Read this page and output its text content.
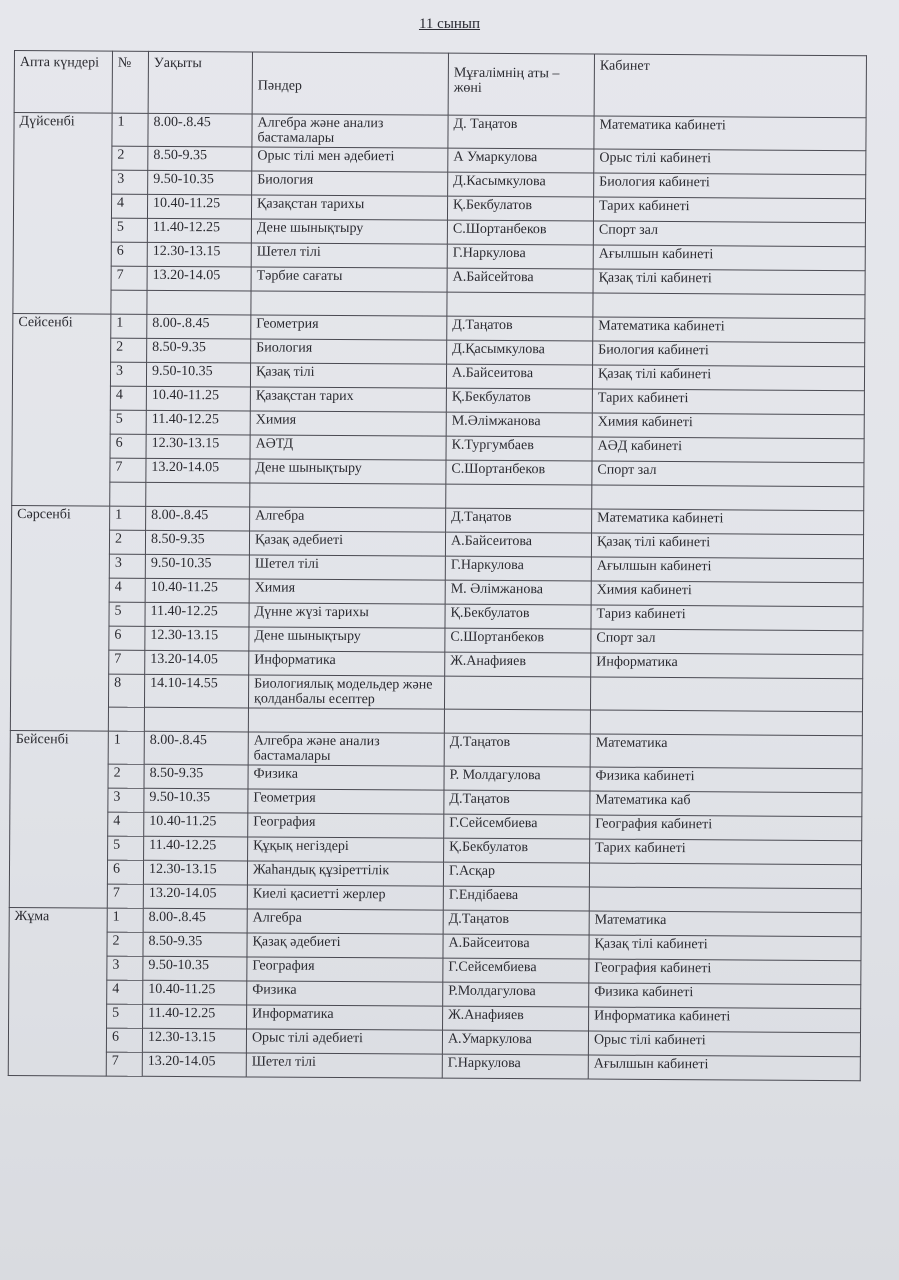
11 сынып
Апта күндері	№	Уақыты	Пәндер	Мұғалімнің аты – жөні	Кабинет
Дүйсенбі	1	8.00-.8.45	Алгебра және анализ бастамалары	Д. Таңатов	Математика кабинеті
	2	8.50-9.35	Орыс тілі мен әдебиеті	А Умаркулова	Орыс тілі кабинеті
	3	9.50-10.35	Биология	Д.Касымкулова	Биология кабинеті
	4	10.40-11.25	Қазақстан тарихы	Қ.Бекбулатов	Тарих кабинеті
	5	11.40-12.25	Дене шынықтыру	С.Шортанбеков	Спорт зал
	6	12.30-13.15	Шетел тілі	Г.Наркулова	Ағылшын кабинеті
	7	13.20-14.05	Тәрбие сағаты	А.Байсейтова	Қазақ тілі кабинеті

Сейсенбі	1	8.00-.8.45	Геометрия	Д.Таңатов	Математика кабинеті
	2	8.50-9.35	Биология	Д.Қасымкулова	Биология кабинеті
	3	9.50-10.35	Қазақ тілі	А.Байсеитова	Қазақ тілі кабинеті
	4	10.40-11.25	Қазақстан тарих	Қ.Бекбулатов	Тарих кабинеті
	5	11.40-12.25	Химия	М.Әлімжанова	Химия кабинеті
	6	12.30-13.15	АӘТД	К.Тургумбаев	АӘД кабинеті
	7	13.20-14.05	Дене шынықтыру	С.Шортанбеков	Спорт зал

Сәрсенбі	1	8.00-.8.45	Алгебра	Д.Таңатов	Математика кабинеті
	2	8.50-9.35	Қазақ әдебиеті	А.Байсеитова	Қазақ тілі кабинеті
	3	9.50-10.35	Шетел тілі	Г.Наркулова	Ағылшын кабинеті
	4	10.40-11.25	Химия	М. Әлімжанова	Химия кабинеті
	5	11.40-12.25	Дүнне жүзі тарихы	Қ.Бекбулатов	Тариз кабинеті
	6	12.30-13.15	Дене шынықтыру	С.Шортанбеков	Спорт зал
	7	13.20-14.05	Информатика	Ж.Анафияев	Информатика
	8	14.10-14.55	Биологиялық модельдер және қолданбалы есептер		

Бейсенбі	1	8.00-.8.45	Алгебра және анализ бастамалары	Д.Таңатов	Математика
	2	8.50-9.35	Физика	Р. Молдагулова	Физика кабинеті
	3	9.50-10.35	Геометрия	Д.Таңатов	Математика каб
	4	10.40-11.25	География	Г.Сейсембиева	География кабинеті
	5	11.40-12.25	Құқық негіздері	Қ.Бекбулатов	Тарих кабинеті
	6	12.30-13.15	Жаһандық құзіреттілік	Г.Асқар	
	7	13.20-14.05	Киелі қасиетті жерлер	Г.Ендібаева	
Жұма	1	8.00-.8.45	Алгебра	Д.Таңатов	Математика
	2	8.50-9.35	Қазақ әдебиеті	А.Байсеитова	Қазақ тілі кабинеті
	3	9.50-10.35	География	Г.Сейсембиева	География кабинеті
	4	10.40-11.25	Физика	Р.Молдагулова	Физика кабинеті
	5	11.40-12.25	Информатика	Ж.Анафияев	Информатика кабинеті
	6	12.30-13.15	Орыс тілі әдебиеті	А.Умаркулова	Орыс тілі кабинеті
	7	13.20-14.05	Шетел тілі	Г.Наркулова	Ағылшын кабинеті
